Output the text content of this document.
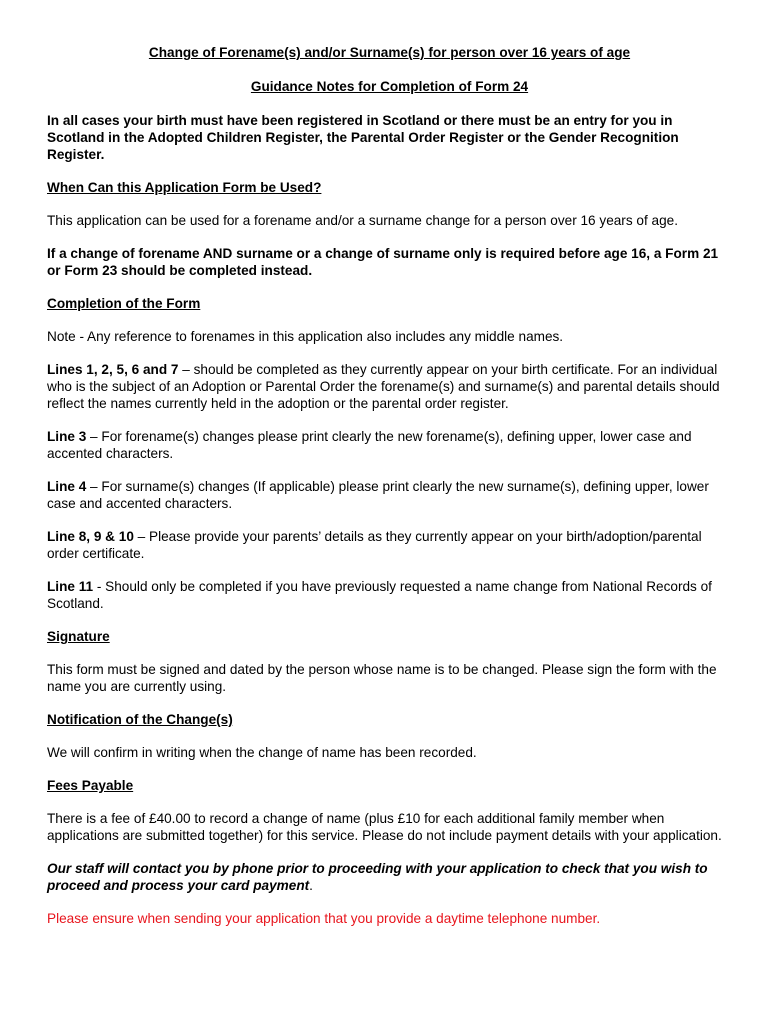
Change of Forename(s) and/or Surname(s) for person over 16 years of age

Guidance Notes for Completion of Form 24

In all cases your birth must have been registered in Scotland or there must be an entry for you in Scotland in the Adopted Children Register, the Parental Order Register or the Gender Recognition Register.

When Can this Application Form be Used?

This application can be used for a forename and/or a surname change for a person over 16 years of age.

If a change of forename AND surname or a change of surname only is required before age 16, a Form 21 or Form 23 should be completed instead.

Completion of the Form

Note - Any reference to forenames in this application also includes any middle names.

Lines 1, 2, 5, 6 and 7 – should be completed as they currently appear on your birth certificate. For an individual who is the subject of an Adoption or Parental Order the forename(s) and surname(s) and parental details should reflect the names currently held in the adoption or the parental order register.

Line 3 – For forename(s) changes please print clearly the new forename(s), defining upper, lower case and accented characters.

Line 4 – For surname(s) changes (If applicable) please print clearly the new surname(s), defining upper, lower case and accented characters.

Line 8, 9 & 10 – Please provide your parents’ details as they currently appear on your birth/adoption/parental order certificate.

Line 11 - Should only be completed if you have previously requested a name change from National Records of Scotland.

Signature

This form must be signed and dated by the person whose name is to be changed. Please sign the form with the name you are currently using.

Notification of the Change(s)

We will confirm in writing when the change of name has been recorded.

Fees Payable

There is a fee of £40.00 to record a change of name (plus £10 for each additional family member when applications are submitted together) for this service. Please do not include payment details with your application.

Our staff will contact you by phone prior to proceeding with your application to check that you wish to proceed and process your card payment.

Please ensure when sending your application that you provide a daytime telephone number.
